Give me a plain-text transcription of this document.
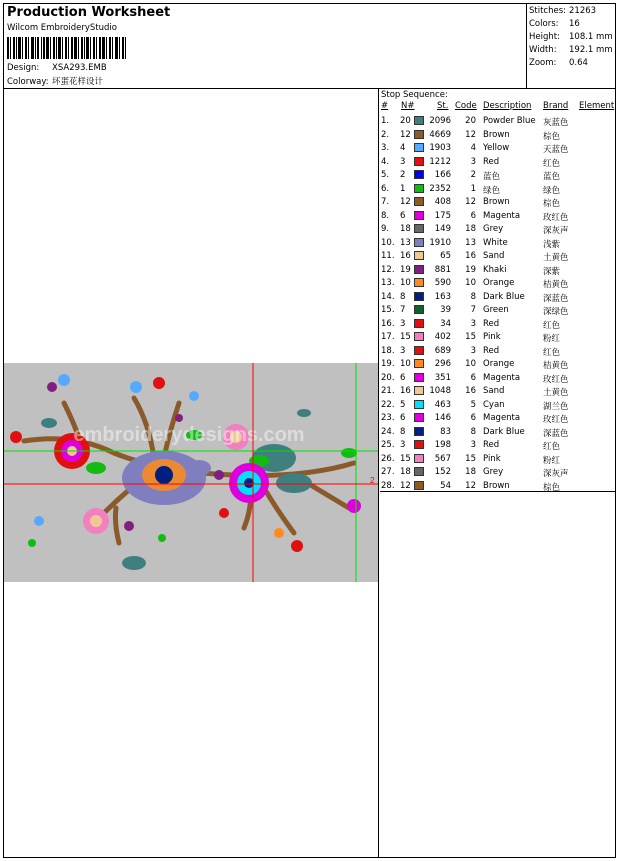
Production Worksheet
Wilcom EmbroideryStudio
Design: XSA293.EMB
Colorway: 坏蛋花样设计
Stitches: 21263
Colors: 16
Height: 108.1 mm
Width: 192.1 mm
Zoom: 0.64
embroiderydesigns.com
2
Stop Sequence:
# N#	St. Code Description Brand Element
1. 20	2096	20 Powder Blue 灰蓝色
2. 12	4669	12 Brown	棕色
3. 4	1903	4 Yellow	天蓝色
4. 3	1212	3 Red	红色
5. 2	166	2 蓝色	蓝色
6. 1	2352	1 绿色	绿色
7. 12	408	12 Brown	棕色
8. 6	175	6 Magenta	玫红色
9. 18	149	18 Grey	深灰声
10. 13	1910	13 White	浅紫
11. 16	65	16 Sand	土黄色
12. 19	881	19 Khaki	深紫
13. 10	590	10 Orange	桔黄色
14. 8	163	8 Dark Blue 深蓝色
15. 7	39	7 Green	深绿色
16. 3	34	3 Red	红色
17. 15	402	15 Pink	粉红
18. 3	689	3 Red	红色
19. 10	296	10 Orange	桔黄色
20. 6	351	6 Magenta	玫红色
21. 16	1048	16 Sand	土黄色
22. 5	463	5 Cyan	湖兰色
23. 6	146	6 Magenta	玫红色
24. 8	83	8 Dark Blue 深蓝色
25. 3	198	3 Red	红色
26. 15	567	15 Pink	粉红
27. 18	152	18 Grey	深灰声
28. 12	54	12 Brown	棕色
